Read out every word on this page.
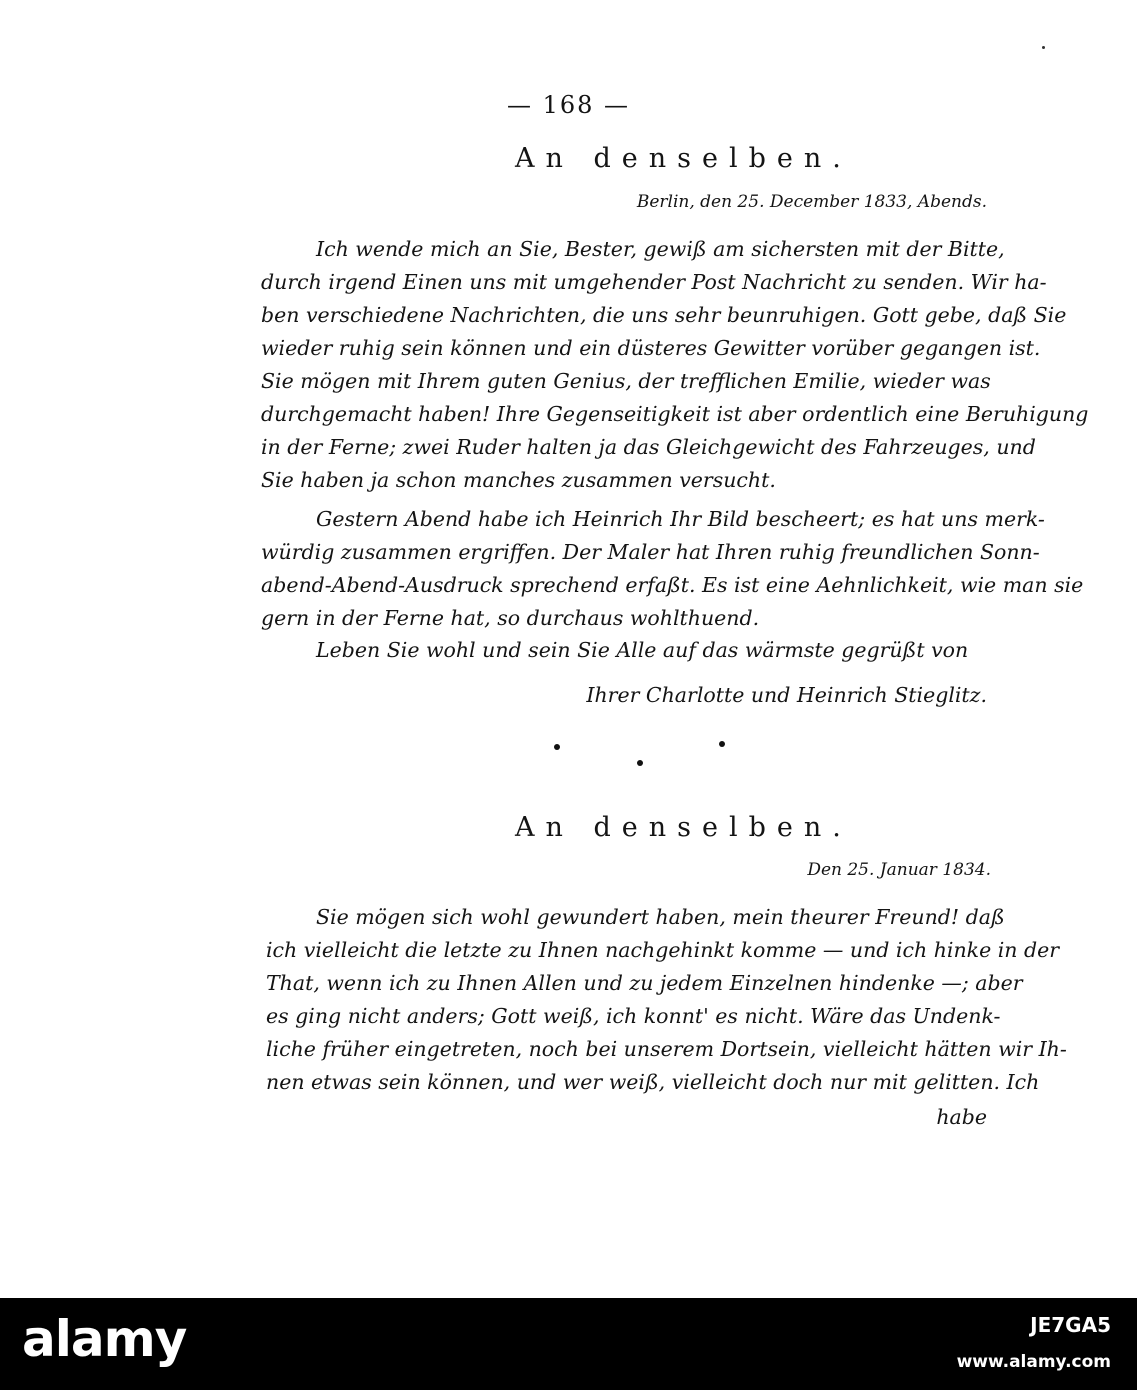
— 168 —
An denselben.
Berlin, den 25. December 1833, Abends.
Ich wende mich an Sie, Bester, gewiß am sichersten mit der Bitte,
durch irgend Einen uns mit umgehender Post Nachricht zu senden. Wir ha-
ben verschiedene Nachrichten, die uns sehr beunruhigen. Gott gebe, daß Sie
wieder ruhig sein können und ein düsteres Gewitter vorüber gegangen ist.
Sie mögen mit Ihrem guten Genius, der trefflichen Emilie, wieder was
durchgemacht haben! Ihre Gegenseitigkeit ist aber ordentlich eine Beruhigung
in der Ferne; zwei Ruder halten ja das Gleichgewicht des Fahrzeuges, und
Sie haben ja schon manches zusammen versucht.
Gestern Abend habe ich Heinrich Ihr Bild bescheert; es hat uns merk-
würdig zusammen ergriffen. Der Maler hat Ihren ruhig freundlichen Sonn-
abend-Abend-Ausdruck sprechend erfaßt. Es ist eine Aehnlichkeit, wie man sie
gern in der Ferne hat, so durchaus wohlthuend.
Leben Sie wohl und sein Sie Alle auf das wärmste gegrüßt von
Ihrer Charlotte und Heinrich Stieglitz.
An denselben.
Den 25. Januar 1834.
Sie mögen sich wohl gewundert haben, mein theurer Freund! daß
ich vielleicht die letzte zu Ihnen nachgehinkt komme — und ich hinke in der
That, wenn ich zu Ihnen Allen und zu jedem Einzelnen hindenke —; aber
es ging nicht anders; Gott weiß, ich konnt' es nicht. Wäre das Undenk-
liche früher eingetreten, noch bei unserem Dortsein, vielleicht hätten wir Ih-
nen etwas sein können, und wer weiß, vielleicht doch nur mit gelitten. Ich
habe
alamy	JE7GA5
www.alamy.com
